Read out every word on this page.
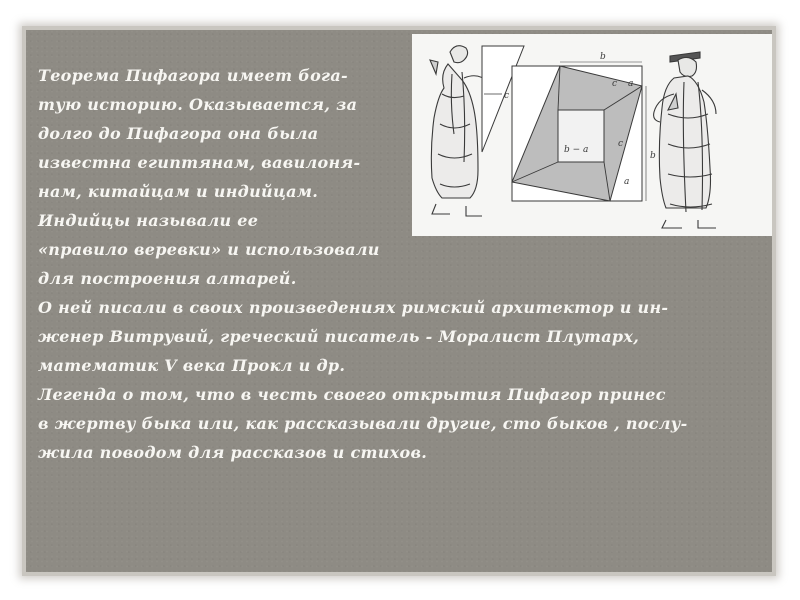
c
b
c a
b − a
c
b
a

Теорема Пифагора имеет бога-

тую историю. Оказывается, за

долго до Пифагора она была

известна египтянам, вавилоня-

нам, китайцам и индийцам.

Индийцы называли ее

«правило веревки» и использовали

для построения алтарей.

О ней писали в своих произведениях римский архитектор и ин-

женер Витрувий, греческий писатель - Моралист Плутарх,

математик V века Прокл и др.

Легенда о том, что в честь своего открытия Пифагор принес

в жертву быка или, как рассказывали другие, сто быков , послу-

жила поводом для рассказов и стихов.
